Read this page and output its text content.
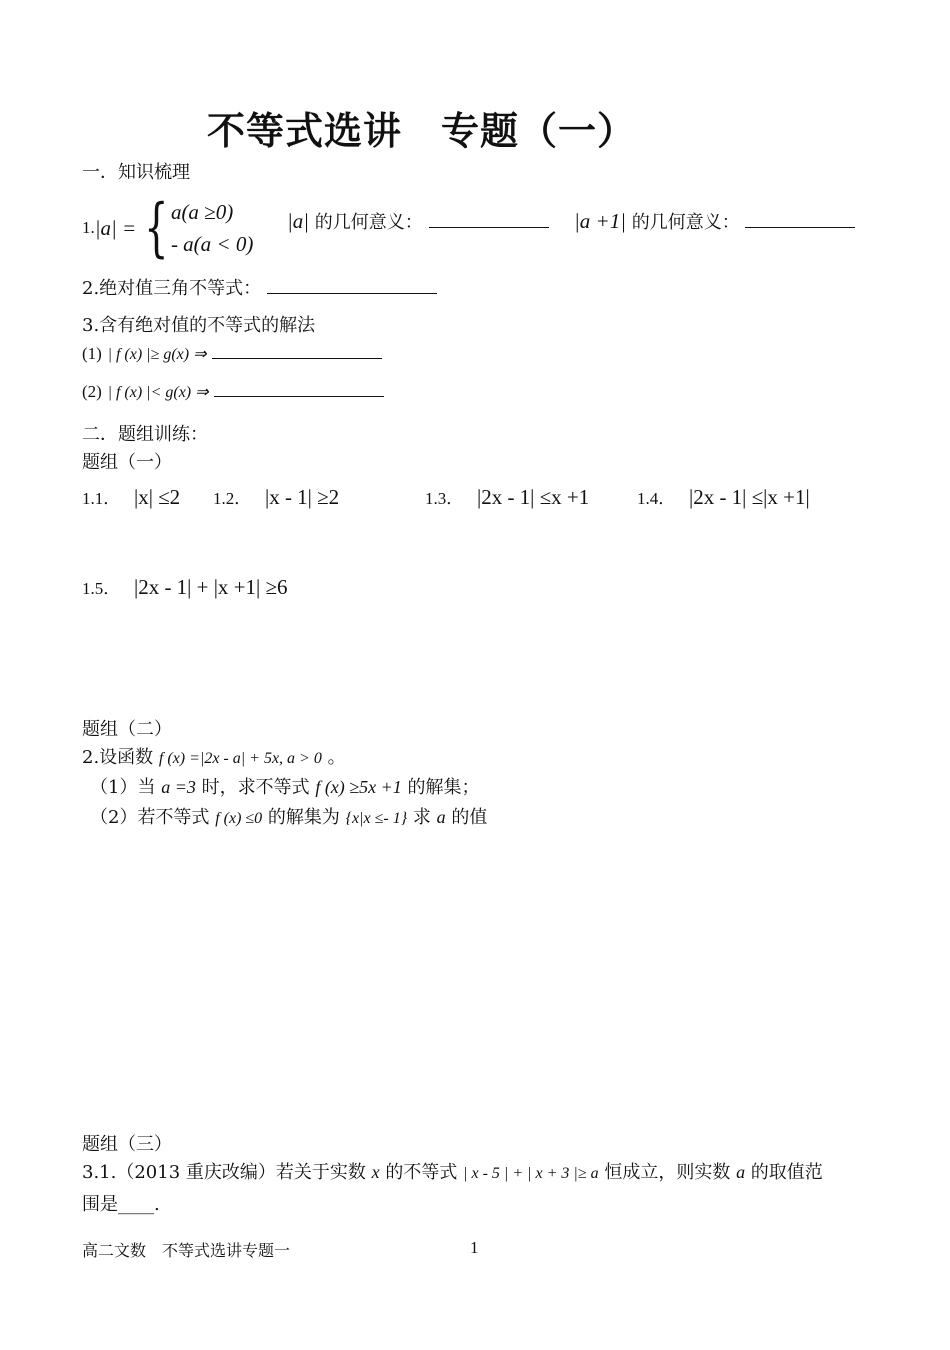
不等式选讲　专题（一）
一．知识梳理
1. |a| = { a(a ≥0)
- a(a < 0)
|a| 的几何意义：	|a +1| 的几何意义：
2.绝对值三角不等式：
3.含有绝对值的不等式的解法
(1) | f (x) |≥ g(x) ⇒
(2) | f (x) |< g(x) ⇒
二．题组训练：
题组（一）
1.1． |x| ≤2 1.2． |x - 1| ≥2	1.3． |2x - 1| ≤x +1	1.4． |2x - 1| ≤|x +1|
1.5． |2x - 1| + |x +1| ≥6
题组（二）
2.设函数 f (x) =|2x - a| + 5x, a > 0 。
（1）当 a =3 时，求不等式 f (x) ≥5x +1 的解集；
（2）若不等式 f (x) ≤0 的解集为 {x|x ≤- 1} 求 a 的值
题组（三）
3.1.（2013 重庆改编）若关于实数 x 的不等式 | x - 5 | + | x + 3 |≥ a 恒成立，则实数 a 的取值范
围是____.
高二文数　不等式选讲专题一	1
